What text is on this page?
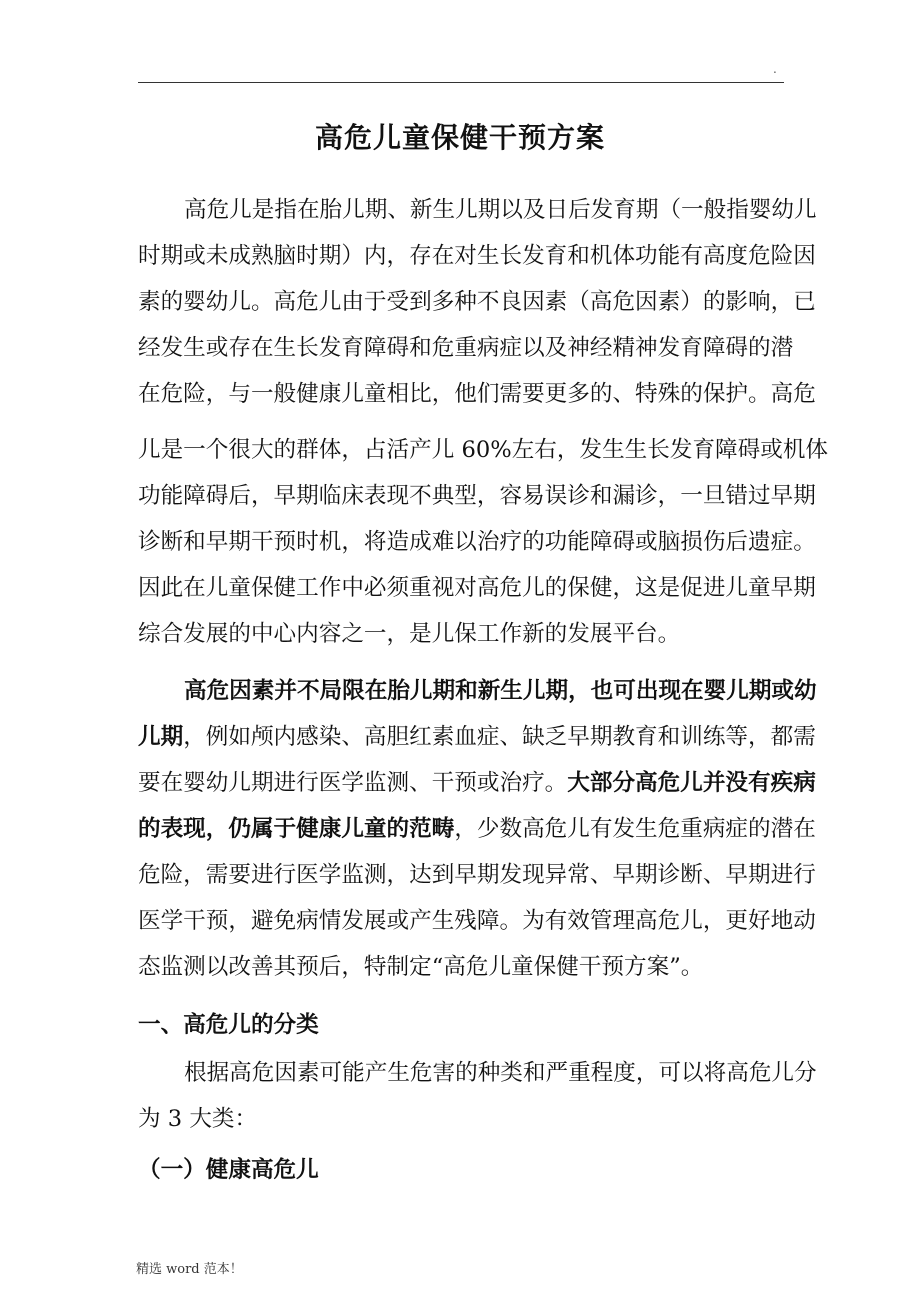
.
高危儿童保健干预方案
高危儿是指在胎儿期、新生儿期以及日后发育期（一般指婴幼儿
时期或未成熟脑时期）内，存在对生长发育和机体功能有高度危险因
素的婴幼儿。高危儿由于受到多种不良因素（高危因素）的影响，已
经发生或存在生长发育障碍和危重病症以及神经精神发育障碍的潜
在危险，与一般健康儿童相比，他们需要更多的、特殊的保护。高危
儿是一个很大的群体，占活产儿 60%左右，发生生长发育障碍或机体
功能障碍后，早期临床表现不典型，容易误诊和漏诊，一旦错过早期
诊断和早期干预时机，将造成难以治疗的功能障碍或脑损伤后遗症。
因此在儿童保健工作中必须重视对高危儿的保健，这是促进儿童早期
综合发展的中心内容之一，是儿保工作新的发展平台。
高危因素并不局限在胎儿期和新生儿期，也可出现在婴儿期或幼
儿期，例如颅内感染、高胆红素血症、缺乏早期教育和训练等，都需
要在婴幼儿期进行医学监测、干预或治疗。大部分高危儿并没有疾病
的表现，仍属于健康儿童的范畴，少数高危儿有发生危重病症的潜在
危险，需要进行医学监测，达到早期发现异常、早期诊断、早期进行
医学干预，避免病情发展或产生残障。为有效管理高危儿，更好地动
态监测以改善其预后，特制定“高危儿童保健干预方案”。
一、高危儿的分类
根据高危因素可能产生危害的种类和严重程度，可以将高危儿分
为 3 大类：
（一）健康高危儿
精选 word 范本！
